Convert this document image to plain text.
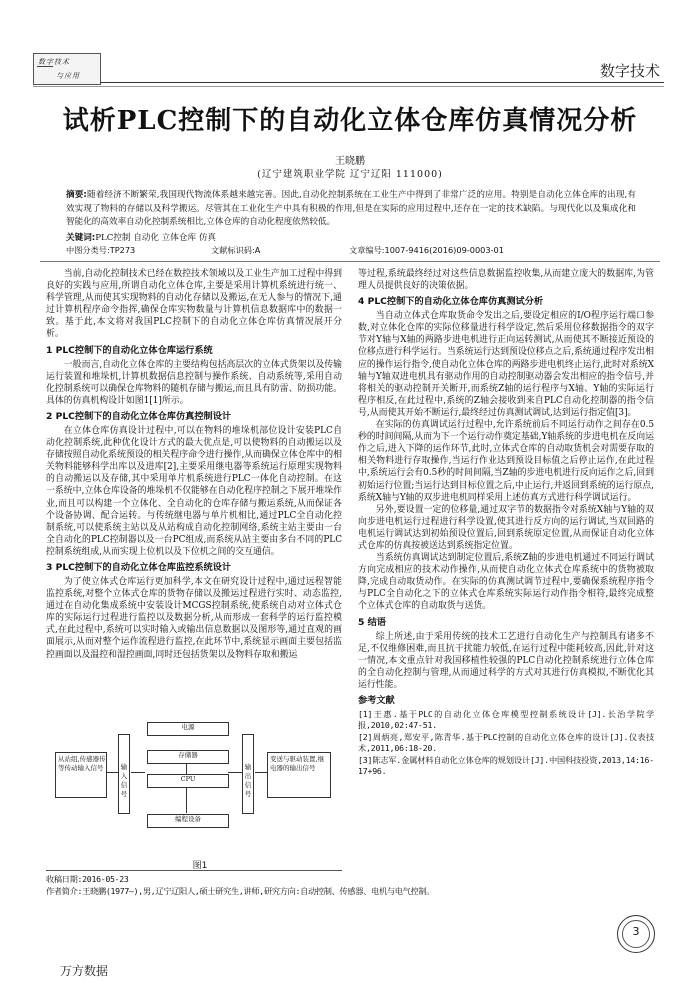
数字技术
与应用	数字技术
试析PLC控制下的自动化立体仓库仿真情况分析
王晓鹏
(辽宁建筑职业学院 辽宁辽阳 111000)
摘要:随着经济不断繁荣,我国现代物流体系越来越完善。因此,自动化控制系统在工业生产中得到了非常广泛的应用。特别是自动化立体仓库的出现,有效实现了物料的存储以及科学搬运。尽管其在工业化生产中具有积极的作用,但是在实际的应用过程中,还存在一定的技术缺陷。与现代化以及集成化和智能化的高效率自动化控制系统相比,立体仓库的自动化程度依然较低。
关键词:PLC控制 自动化 立体仓库 仿真
中图分类号:TP273	文献标识码:A	文章编号:1007-9416(2016)09-0003-01

当前,自动化控制技术已经在数控技术领域以及工业生产加工过程中得到良好的实践与应用,所谓自动化立体仓库,主要是采用计算机系统进行统一、科学管理,从而使其实现物料的自动化存储以及搬运,在无人参与的情况下,通过计算机程序命令指挥,确保仓库实物数量与计算机信息数据库中的数据一致。基于此,本文将对我国PLC控制下的自动化立体仓库仿真情况展开分析。

1 PLC控制下的自动化立体仓库运行系统

一般而言,自动化立体仓库的主要结构包括高层次的立体式货架以及传输运行装置和堆垛机,计算机数据信息控制与操作系统、自动系统等,采用自动化控制系统可以确保仓库物料的随机存储与搬运,而且具有防雷、防损功能。具体的仿真机构设计如图1[1]所示。

2 PLC控制下的自动化立体仓库仿真控制设计

在立体仓库仿真设计过程中,可以在物料的堆垛机部位设计安装PLC自动化控制系统,此种优化设计方式的最大优点是,可以使物料的自动搬运以及存储按照自动化系统预设的相关程序命令进行操作,从而确保立体仓库中的相关物料能够科学出库以及进库[2],主要采用继电器等系统运行原理实现物料的自动搬运以及存储,其中采用单片机系统进行PLC一体化自动控制。在这一系统中,立体仓库设备的堆垛机不仅能够在自动化程序控制之下展开堆垛作业,而且可以构建一个立体化、全自动化的仓库存储与搬运系统,从而保证各个设备协调、配合运转。与传统继电器与单片机相比,通过PLC全自动化控制系统,可以使系统主站以及从站构成自动化控制网络,系统主站主要由一台全自动化的PLC控制器以及一台PC组成,而系统从站主要由多台不同的PLC控制系统组成,从而实现上位机以及下位机之间的交互通信。

3 PLC控制下的自动化立体仓库监控系统设计

为了使立体式仓库运行更加科学,本文在研究设计过程中,通过远程智能监控系统,对整个立体式仓库的货物存储以及搬运过程进行实时、动态监控,通过在自动化集成系统中安装设计MCGS控制系统,使系统自动对立体式仓库的实际运行过程进行监控以及数据分析,从而形成一套科学的运行监控模式,在此过程中,系统可以实时输入或输出信息数据以及图形等,通过直观的画面展示,从而对整个运作流程进行监控,在此环节中,系统显示画面主要包括监控画面以及温控和湿控画面,同时还包括货架以及物料存取和搬运

从站组,传感器传等传动输入信号	输入信号
电源
存储器
CPU
输出信号
变送与驱动装置,继电器的输出信号
编程设备
图1

等过程,系统最终经过对这些信息数据监控收集,从而建立庞大的数据库,为管理人员提供良好的决策依据。

4 PLC控制下的自动化立体仓库仿真测试分析

当自动立体式仓库取货命令发出之后,要设定相应的I/O程序运行端口参数,对立体化仓库的实际位移量进行科学设定,然后采用位移数据指令的双字节对Y轴与X轴的两路步进电机进行正向运转测试,从而使其不断接近预设的位移点进行科学运行。当系统运行达到预设位移点之后,系统通过程序发出相应的操作运行指令,使自动化立体仓库的两路步进电机终止运行,此时对系统X轴与Y轴双进电机具有驱动作用的自动控制驱动器会发出相应的指令信号,并将相关的驱动控制开关断开,而系统Z轴的运行程序与X轴、Y轴的实际运行程序相反,在此过程中,系统的Z轴会接收到来自PLC自动化控制器的指令信号,从而使其开始不断运行,最终经过仿真测试调试,达到运行指定值[3]。

在实际的仿真调试运行过程中,允许系统前后不同运行动作之间存在0.5秒的时间间隔,从而为下一个运行动作奠定基础,Y轴系统的步进电机在反向运作之后,进入下降的运作环节,此时,立体式仓库的自动取货机会对需要存取的相关物料进行存取操作,当运行作业达到预设目标值之后停止运作,在此过程中,系统运行会有0.5秒的时间间隔,当Z轴的步进电机进行反向运作之后,回到初始运行位置;当运行达到目标位置之后,中止运行,并返回到系统的运行原点,系统X轴与Y轴的双步进电机同样采用上述仿真方式进行科学调试运行。

另外,要设置一定的位移量,通过双字节的数据指令对系统X轴与Y轴的双向步进电机运行过程进行科学设置,使其进行反方向的运行调试,当双回路的电机运行调试达到初始预设位置后,回到系统原定位置,从而保证自动化立体式仓库的仿真按被送达到系统指定位置。

当系统仿真调试达到制定位置后,系统Z轴的步进电机通过不同运行调试方向完成相应的技术动作操作,从而使自动化立体式仓库系统中的货物被取降,完成自动取货动作。在实际的仿真测试调节过程中,要确保系统程序指令与PLC全自动化之下的立体式仓库系统实际运行动作指令相符,最终完成整个立体式仓库的自动取货与送货。

5 结语

综上所述,由于采用传统的技术工艺进行自动化生产与控制具有诸多不足,不仅维修困难,而且抗干扰能力较低,在运行过程中能耗较高,因此,针对这一情况,本文重点针对我国移植性较强的PLC自动化控制系统进行立体仓库的全自动化控制与管理,从而通过科学的方式对其进行仿真模拟,不断优化其运行性能。

参考文献

[1]王惠.基于PLC的自动化立体仓库模型控制系统设计[J].长治学院学报,2010,02:47-51.

[2]周炳亮,郑安平,陈青华.基于PLC控制的自动化立体仓库的设计[J].仪表技术,2011,06:18-20.

[3]陈志军.金属材料自动化立体仓库的规划设计[J].中国科技投资,2013,14:16-17+96.

收稿日期:2016-05-23
作者简介:王晓鹏(1977—),男,辽宁辽阳人,硕士研究生,讲师,研究方向:自动控制、传感器、电机与电气控制。
3
万方数据
